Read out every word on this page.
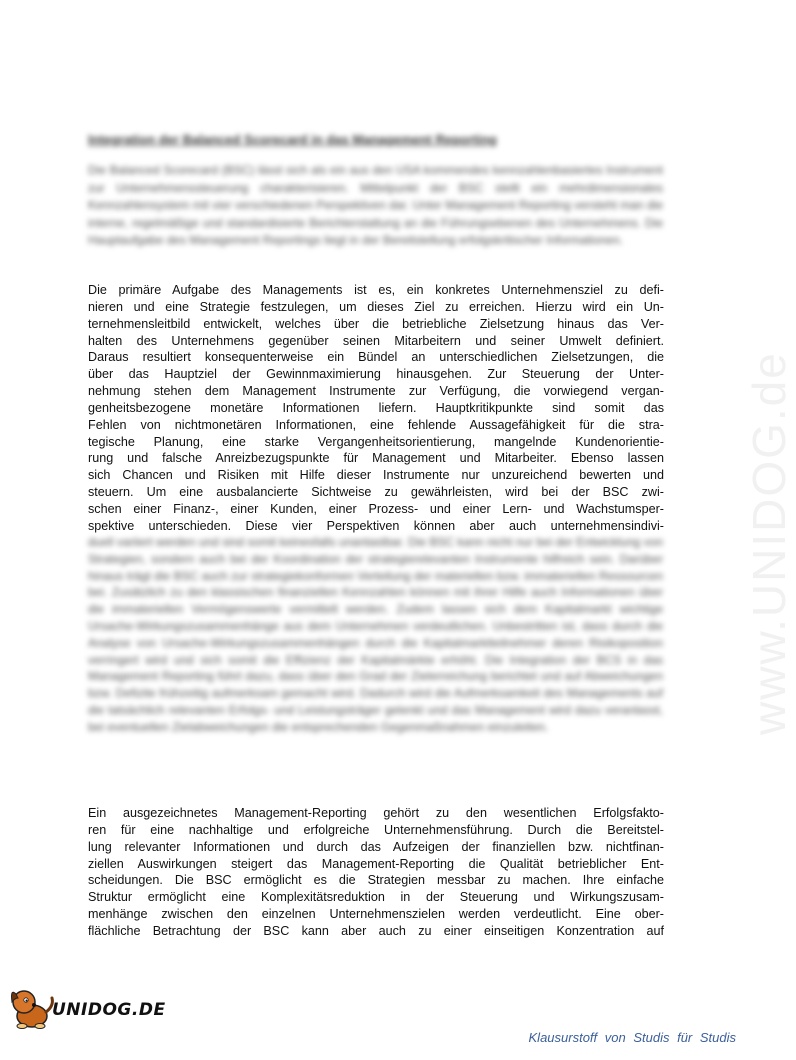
www.UNIDOG.de
Integration der Balanced Scorecard in das Management Reporting
Die Balanced Scorecard (BSC) lässt sich als ein aus den USA kommendes kennzahlenbasiertes Instrument zur Unternehmenssteuerung charakterisieren. Mittelpunkt der BSC stellt ein mehrdimensionales Kennzahlensystem mit vier verschiedenen Perspektiven dar. Unter Management Reporting versteht man die interne, regelmäßige und standardisierte Berichterstattung an die Führungsebenen des Unternehmens. Die Hauptaufgabe des Management Reportings liegt in der Bereitstellung erfolgskritischer Informationen.

Die primäre Aufgabe des Managements ist es, ein konkretes Unternehmensziel zu defi-
nieren und eine Strategie festzulegen, um dieses Ziel zu erreichen. Hierzu wird ein Un-
ternehmensleitbild entwickelt, welches über die betriebliche Zielsetzung hinaus das Ver-
halten des Unternehmens gegenüber seinen Mitarbeitern und seiner Umwelt definiert.
Daraus resultiert konsequenterweise ein Bündel an unterschiedlichen Zielsetzungen, die
über das Hauptziel der Gewinnmaximierung hinausgehen. Zur Steuerung der Unter-
nehmung stehen dem Management Instrumente zur Verfügung, die vorwiegend vergan-
genheitsbezogene monetäre Informationen liefern. Hauptkritikpunkte sind somit das
Fehlen von nichtmonetären Informationen, eine fehlende Aussagefähigkeit für die stra-
tegische Planung, eine starke Vergangenheitsorientierung, mangelnde Kundenorientie-
rung und falsche Anreizbezugspunkte für Management und Mitarbeiter. Ebenso lassen
sich Chancen und Risiken mit Hilfe dieser Instrumente nur unzureichend bewerten und
steuern. Um eine ausbalancierte Sichtweise zu gewährleisten, wird bei der BSC zwi-
schen einer Finanz-, einer Kunden, einer Prozess- und einer Lern- und Wachstumsper-
spektive unterschieden. Diese vier Perspektiven können aber auch unternehmensindivi-

duell variiert werden und sind somit keinesfalls unantastbar. Die BSC kann nicht nur bei der Entwicklung von Strategien, sondern auch bei der Koordination der strategierelevanten Instrumente hilfreich sein. Darüber hinaus trägt die BSC auch zur strategiekonformen Verteilung der materiellen bzw. immateriellen Ressourcen bei. Zusätzlich zu den klassischen finanziellen Kennzahlen können mit ihrer Hilfe auch Informationen über die immateriellen Vermögenswerte vermittelt werden. Zudem lassen sich dem Kapitalmarkt wichtige Ursache-Wirkungszusammenhänge aus dem Unternehmen verdeutlichen. Unbestritten ist, dass durch die Analyse von Ursache-Wirkungszusammenhängen durch die Kapitalmarktteilnehmer deren Risikoposition verringert wird und sich somit die Effizienz der Kapitalmärkte erhöht. Die Integration der BCS in das Management Reporting führt dazu, dass über den Grad der Zielerreichung berichtet und auf Abweichungen bzw. Defizite frühzeitig aufmerksam gemacht wird. Dadurch wird die Aufmerksamkeit des Managements auf die tatsächlich relevanten Erfolgs- und Leistungsträger gelenkt und das Management wird dazu veranlasst, bei eventuellen Zielabweichungen die entsprechenden Gegenmaßnahmen einzuleiten.

Ein ausgezeichnetes Management-Reporting gehört zu den wesentlichen Erfolgsfakto-
ren für eine nachhaltige und erfolgreiche Unternehmensführung. Durch die Bereitstel-
lung relevanter Informationen und durch das Aufzeigen der finanziellen bzw. nichtfinan-
ziellen Auswirkungen steigert das Management-Reporting die Qualität betrieblicher Ent-
scheidungen. Die BSC ermöglicht es die Strategien messbar zu machen. Ihre einfache
Struktur ermöglicht eine Komplexitätsreduktion in der Steuerung und Wirkungszusam-
menhänge zwischen den einzelnen Unternehmenszielen werden verdeutlicht. Eine ober-
flächliche Betrachtung der BSC kann aber auch zu einer einseitigen Konzentration auf

UNIDOG.DE
Klausurstoff von Studis für Studis
